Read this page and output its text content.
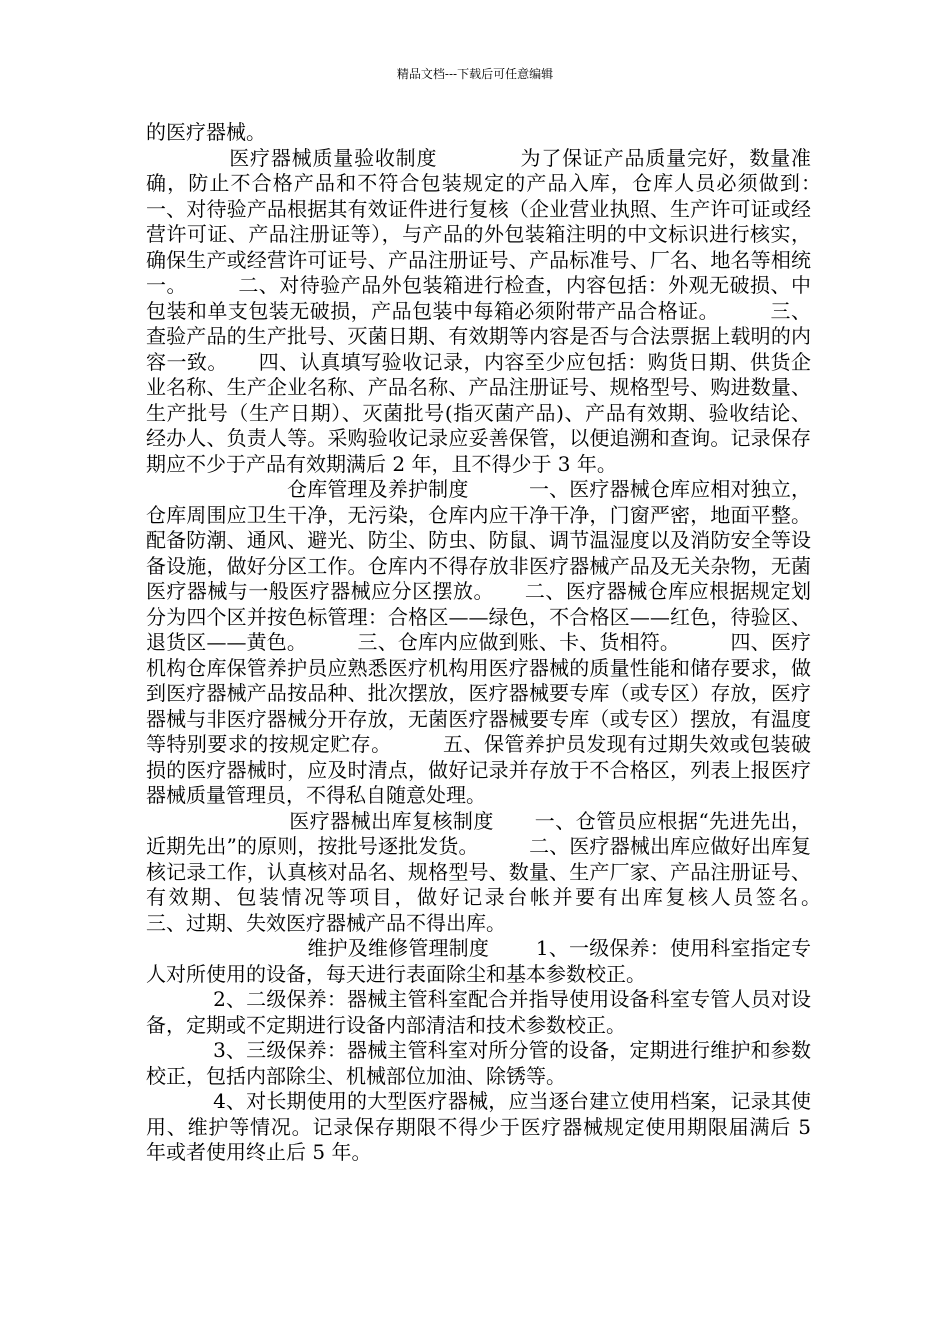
精品文档---下载后可任意编辑

的医疗器械。

　　　　医疗器械质量验收制度　　　　为了保证产品质量完好，数量准确，防止不合格产品和不符合包装规定的产品入库，仓库人员必须做到：　　　一、对待验产品根据其有效证件进行复核（企业营业执照、生产许可证或经营许可证、产品注册证等），与产品的外包装箱注明的中文标识进行核实，确保生产或经营许可证号、产品注册证号、产品标准号、厂名、地名等相统一。　　　二、对待验产品外包装箱进行检查，内容包括：外观无破损、中包装和单支包装无破损，产品包装中每箱必须附带产品合格证。　　　三、查验产品的生产批号、灭菌日期、有效期等内容是否与合法票据上载明的内容一致。　　四、认真填写验收记录，内容至少应包括：购货日期、供货企业名称、生产企业名称、产品名称、产品注册证号、规格型号、购进数量、生产批号（生产日期）、灭菌批号(指灭菌产品)、产品有效期、验收结论、经办人、负责人等。采购验收记录应妥善保管，以便追溯和查询。记录保存期应不少于产品有效期满后 2 年，且不得少于 3 年。

　　　　　　　仓库管理及养护制度　　　一、医疗器械仓库应相对独立，仓库周围应卫生干净，无污染，仓库内应干净干净，门窗严密，地面平整。配备防潮、通风、避光、防尘、防虫、防鼠、调节温湿度以及消防安全等设备设施，做好分区工作。仓库内不得存放非医疗器械产品及无关杂物，无菌医疗器械与一般医疗器械应分区摆放。　　二、医疗器械仓库应根据规定划分为四个区并按色标管理：合格区——绿色，不合格区——红色，待验区、退货区——黄色。　　　三、仓库内应做到账、卡、货相符。　　　四、医疗机构仓库保管养护员应熟悉医疗机构用医疗器械的质量性能和储存要求，做到医疗器械产品按品种、批次摆放，医疗器械要专库（或专区）存放，医疗器械与非医疗器械分开存放，无菌医疗器械要专库（或专区）摆放，有温度等特别要求的按规定贮存。　　　五、保管养护员发现有过期失效或包装破损的医疗器械时，应及时清点，做好记录并存放于不合格区，列表上报医疗器械质量管理员，不得私自随意处理。

　　　　　　　医疗器械出库复核制度　　一、仓管员应根据“先进先出，近期先出”的原则，按批号逐批发货。　　　二、医疗器械出库应做好出库复核记录工作，认真核对品名、规格型号、数量、生产厂家、产品注册证号、有效期、包装情况等项目，做好记录台帐并要有出库复核人员签名。　　　三、过期、失效医疗器械产品不得出库。

　　　　　　　　维护及维修管理制度　　 1、一级保养：使用科室指定专人对所使用的设备，每天进行表面除尘和基本参数校正。

　　　 2、二级保养：器械主管科室配合并指导使用设备科室专管人员对设备，定期或不定期进行设备内部清洁和技术参数校正。

　　　 3、三级保养：器械主管科室对所分管的设备，定期进行维护和参数校正，包括内部除尘、机械部位加油、除锈等。

　　　 4、对长期使用的大型医疗器械，应当逐台建立使用档案，记录其使用、维护等情况。记录保存期限不得少于医疗器械规定使用期限届满后 5 年或者使用终止后 5 年。
